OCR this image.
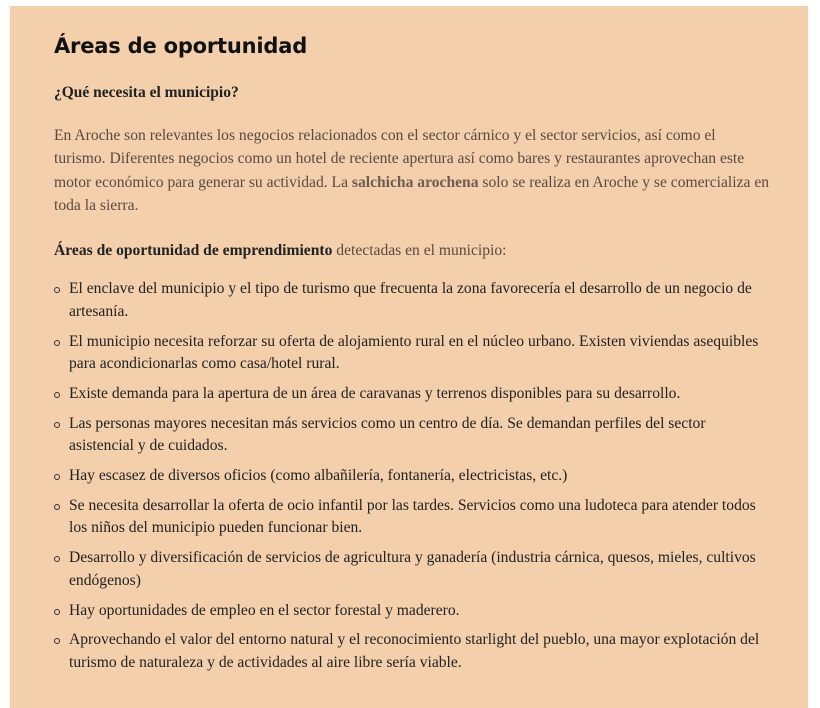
Áreas de oportunidad
¿Qué necesita el municipio?

En Aroche son relevantes los negocios relacionados con el sector cárnico y el sector servicios, así como el turismo. Diferentes negocios como un hotel de reciente apertura así como bares y restaurantes aprovechan este motor económico para generar su actividad. La salchicha arochena solo se realiza en Aroche y se comercializa en toda la sierra.

Áreas de oportunidad de emprendimiento detectadas en el municipio:

El enclave del municipio y el tipo de turismo que frecuenta la zona favorecería el desarrollo de un negocio de artesanía.
El municipio necesita reforzar su oferta de alojamiento rural en el núcleo urbano. Existen viviendas asequibles para acondicionarlas como casa/hotel rural.
Existe demanda para la apertura de un área de caravanas y terrenos disponibles para su desarrollo.
Las personas mayores necesitan más servicios como un centro de día. Se demandan perfiles del sector asistencial y de cuidados.
Hay escasez de diversos oficios (como albañilería, fontanería, electricistas, etc.)
Se necesita desarrollar la oferta de ocio infantil por las tardes. Servicios como una ludoteca para atender todos los niños del municipio pueden funcionar bien.
Desarrollo y diversificación de servicios de agricultura y ganadería (industria cárnica, quesos, mieles, cultivos endógenos)
Hay oportunidades de empleo en el sector forestal y maderero.
Aprovechando el valor del entorno natural y el reconocimiento starlight del pueblo, una mayor explotación del turismo de naturaleza y de actividades al aire libre sería viable.
